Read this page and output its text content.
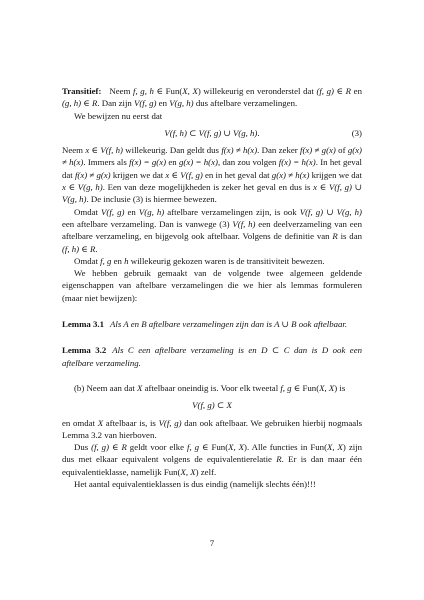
Transitief: Neem f, g, h ∈ Fun(X, X) willekeurig en veronderstel dat (f, g) ∈ R en (g, h) ∈ R. Dan zijn V(f, g) en V(g, h) dus aftelbare verzamelingen.

We bewijzen nu eerst dat

V(f, h) ⊂ V(f, g) ∪ V(g, h).	(3)

Neem x ∈ V(f, h) willekeurig. Dan geldt dus f(x) ≠ h(x). Dan zeker f(x) ≠ g(x) of g(x) ≠ h(x). Immers als f(x) = g(x) en g(x) = h(x), dan zou volgen f(x) = h(x). In het geval dat f(x) ≠ g(x) krijgen we dat x ∈ V(f, g) en in het geval dat g(x) ≠ h(x) krijgen we dat x ∈ V(g, h). Een van deze mogelijkheden is zeker het geval en dus is x ∈ V(f, g) ∪ V(g, h). De inclusie (3) is hiermee bewezen.

Omdat V(f, g) en V(g, h) aftelbare verzamelingen zijn, is ook V(f, g) ∪ V(g, h) een aftelbare verzameling. Dan is vanwege (3) V(f, h) een deelverzameling van een aftelbare verzameling, en bijgevolg ook aftelbaar. Volgens de definitie van R is dan (f, h) ∈ R.

Omdat f, g en h willekeurig gekozen waren is de transitiviteit bewezen.

We hebben gebruik gemaakt van de volgende twee algemeen geldende eigenschappen van aftelbare verzamelingen die we hier als lemmas formuleren (maar niet bewijzen):

Lemma 3.1 Als A en B aftelbare verzamelingen zijn dan is A ∪ B ook aftelbaar.

Lemma 3.2 Als C een aftelbare verzameling is en D ⊂ C dan is D ook een aftelbare verzameling.

(b) Neem aan dat X aftelbaar oneindig is. Voor elk tweetal f, g ∈ Fun(X, X) is

V(f, g) ⊂ X

en omdat X aftelbaar is, is V(f, g) dan ook aftelbaar. We gebruiken hierbij nogmaals Lemma 3.2 van hierboven.

Dus (f, g) ∈ R geldt voor elke f, g ∈ Fun(X, X). Alle functies in Fun(X, X) zijn dus met elkaar equivalent volgens de equivalentierelatie R. Er is dan maar één equivalentieklasse, namelijk Fun(X, X) zelf.

Het aantal equivalentieklassen is dus eindig (namelijk slechts één)!!!

7
